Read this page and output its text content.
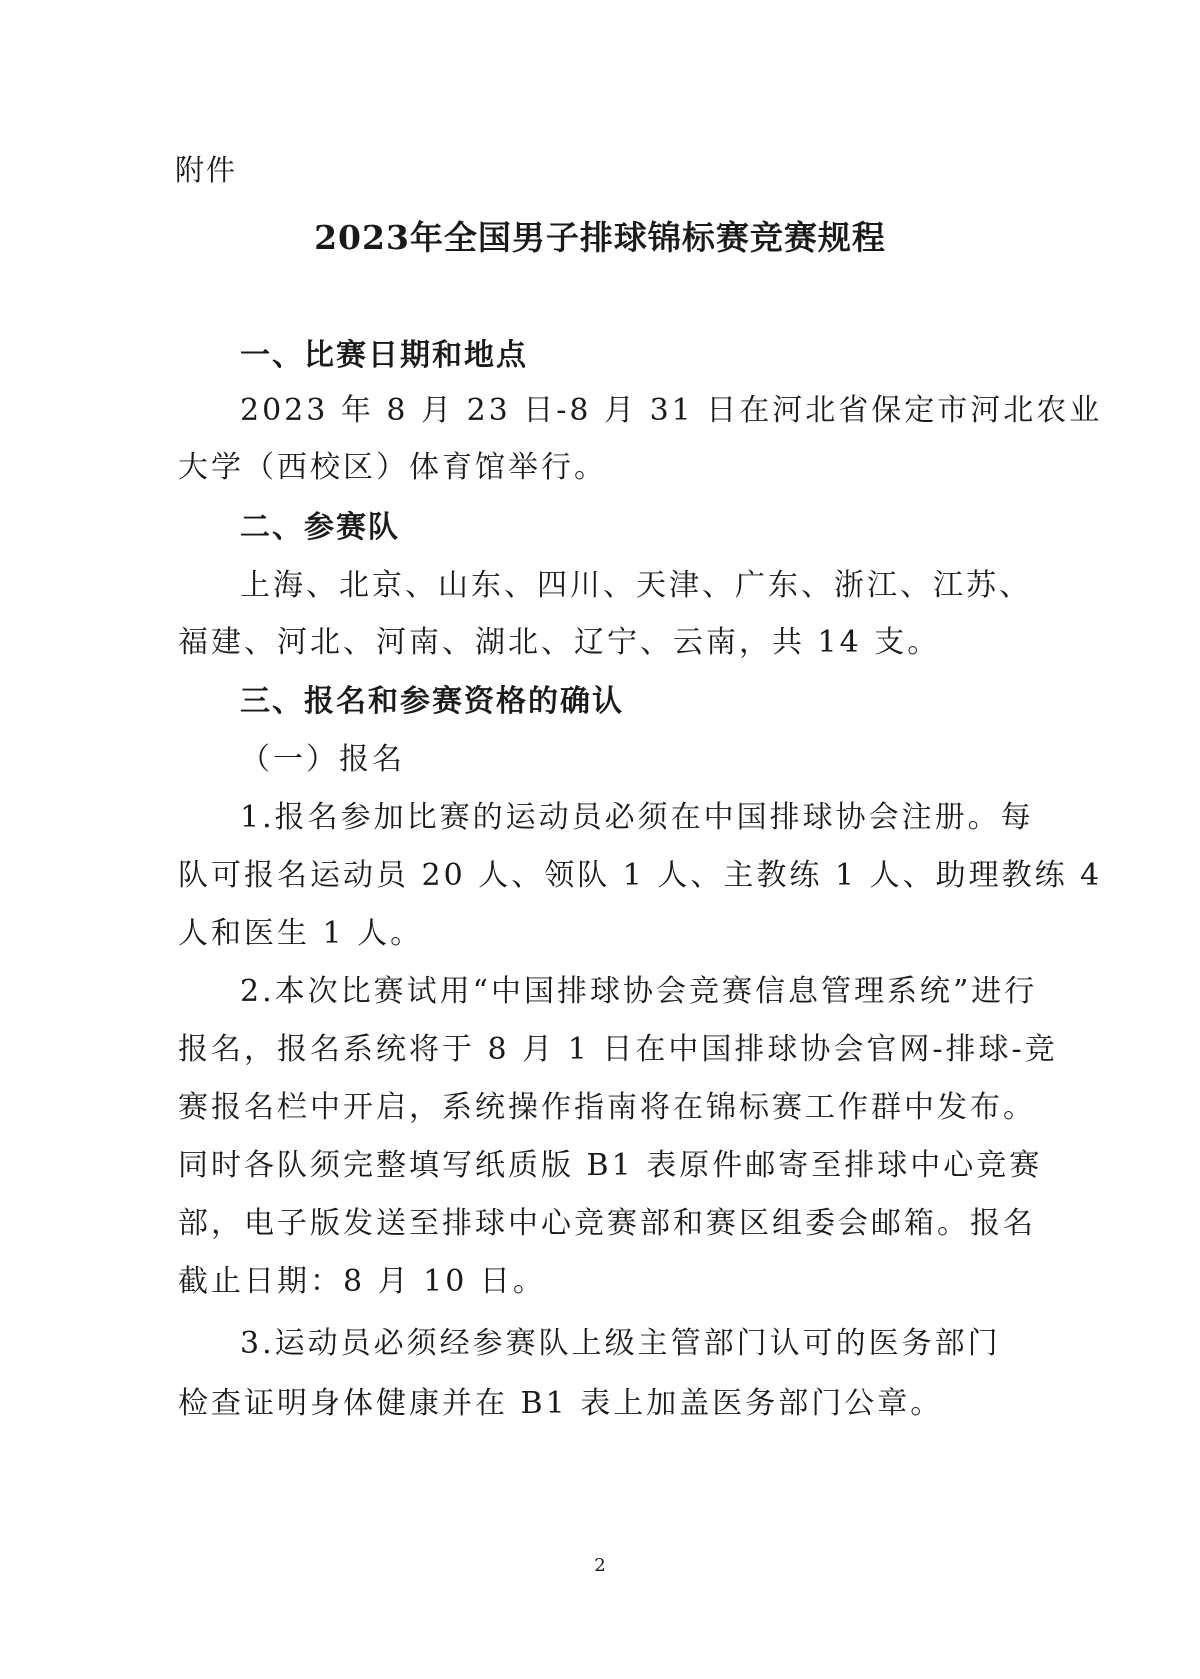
附件
2023年全国男子排球锦标赛竞赛规程
一、比赛日期和地点
2023 年 8 月 23 日-8 月 31 日在河北省保定市河北农业
大学（西校区）体育馆举行。
二、参赛队
上海、北京、山东、四川、天津、广东、浙江、江苏、
福建、河北、河南、湖北、辽宁、云南，共 14 支。
三、报名和参赛资格的确认
（一）报名
1.报名参加比赛的运动员必须在中国排球协会注册。每
队可报名运动员 20 人、领队 1 人、主教练 1 人、助理教练 4
人和医生 1 人。
2.本次比赛试用“中国排球协会竞赛信息管理系统”进行
报名，报名系统将于 8 月 1 日在中国排球协会官网-排球-竞
赛报名栏中开启，系统操作指南将在锦标赛工作群中发布。
同时各队须完整填写纸质版 B1 表原件邮寄至排球中心竞赛
部，电子版发送至排球中心竞赛部和赛区组委会邮箱。报名
截止日期：8 月 10 日。
3.运动员必须经参赛队上级主管部门认可的医务部门
检查证明身体健康并在 B1 表上加盖医务部门公章。
2
